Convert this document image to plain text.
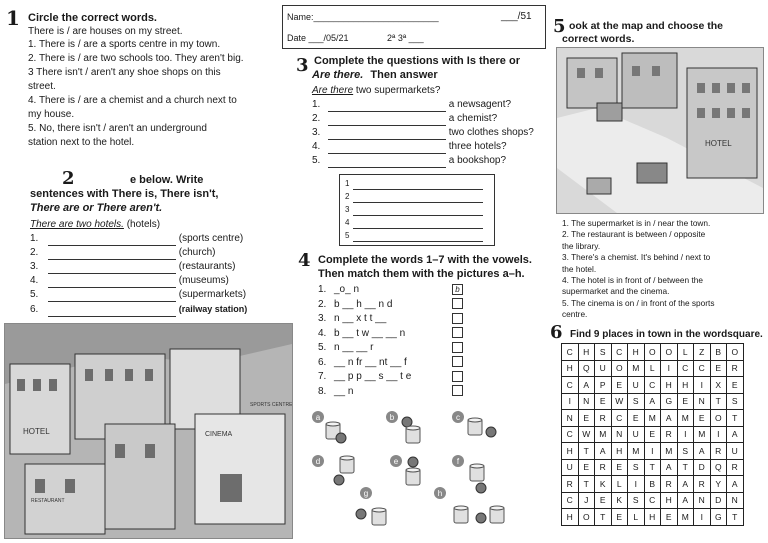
Name:_________________________	___/51
Date ___/05/21	2ª 3ª ___
1 Circle the correct words.
There is / are houses on my street.
1. There is / are a sports centre in my town.
2. There is / are two schools too. They aren't big.
3 There isn't / aren't any shoe shops on this
street.
4. There is / are a chemist and a church next to
my house.
5. No, there isn't / aren't an underground
station next to the hotel.
2	e below. Write
sentences with There is, There isn't,
There are or There aren't.
There are two hotels. (hotels)
1.	(sports centre)
2.	(church)
3.	(restaurants)
4.	(museums)
5.	(supermarkets)
6.	(railway station)
HOTEL	CINEMA
SPORTS CENTRE
RESTAURANT
3 Complete the questions with Is there or
Are there. Then answer
Are there two supermarkets?
1.	a newsagent?
2.	a chemist?
3.	two clothes shops?
4.	three hotels?
5.	a bookshop?
1
2
3
4
5
4 Complete the words 1–7 with the vowels.
Then match them with the pictures a–h.
1. _o_ n	b
2. b __ h __ n d
3. n __ x t t __
4. b __ t w __ __ n
5. n __ __ r
6. __ n fr __ nt __ f
7. __ p p __ s __ t e
8. __ n
a	b	c
d	e	f
g	h
5 ook at the map and choose the
correct words.
HOTEL
1. The supermarket is in / near the town.
2. The restaurant is between / opposite
the library.
3. There's a chemist. It's behind / next to
the hotel.
4. The hotel is in front of / between the
supermarket and the cinema.
5. The cinema is on / in front of the sports
centre.
6 Find 9 places in town in the wordsquare.
C	H	S	C	H	O	O	L	Z	B	O
H	Q	U	O	M	L	I	C	C	E	R
C	A	P	E	U	C	H	H	I	X	E
I	N	E	W	S	A	G	E	N	T	S
N	E	R	C	E	M	A	M	E	O	T
C	W	M	N	U	E	R	I	M	I	A
H	T	A	H	M	I	M	S	A	R	U
U	E	R	E	S	T	A	T	D	Q	R
R	T	K	L	I	B	R	A	R	Y	A
C	J	E	K	S	C	H	A	N	D	N
H	O	T	E	L	H	E	M	I	G	T
